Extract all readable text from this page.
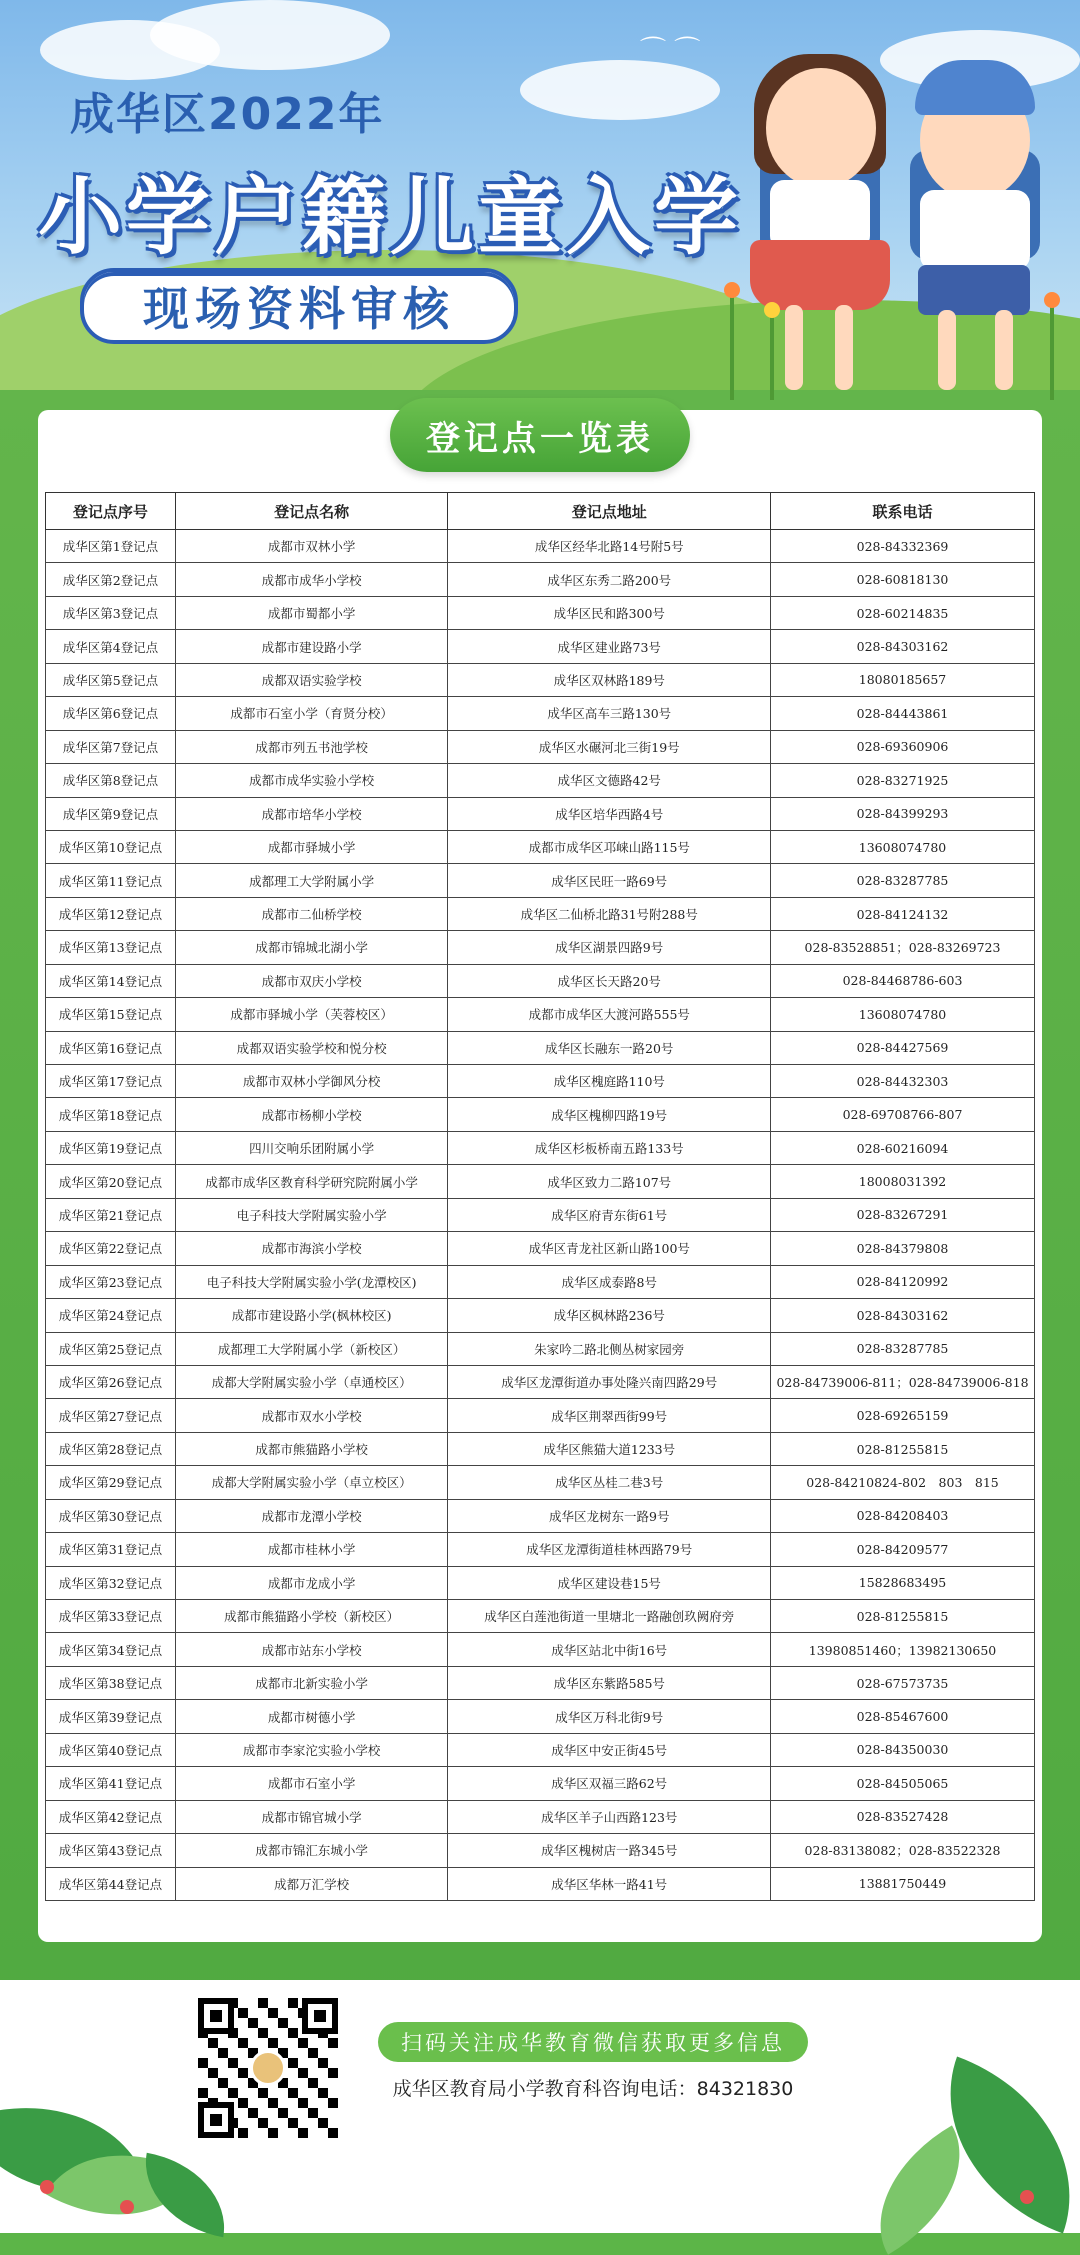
⌒ ⌒
成华区2022年
小学户籍儿童入学
现场资料审核
登记点一览表
登记点序号	登记点名称	登记点地址	联系电话
成华区第1登记点	成都市双林小学	成华区经华北路14号附5号	028-84332369
成华区第2登记点	成都市成华小学校	成华区东秀二路200号	028-60818130
成华区第3登记点	成都市蜀都小学	成华区民和路300号	028-60214835
成华区第4登记点	成都市建设路小学	成华区建业路73号	028-84303162
成华区第5登记点	成都双语实验学校	成华区双林路189号	18080185657
成华区第6登记点	成都市石室小学（育贤分校）	成华区高车三路130号	028-84443861
成华区第7登记点	成都市列五书池学校	成华区水碾河北三街19号	028-69360906
成华区第8登记点	成都市成华实验小学校	成华区文德路42号	028-83271925
成华区第9登记点	成都市培华小学校	成华区培华西路4号	028-84399293
成华区第10登记点	成都市驿城小学	成都市成华区邛崃山路115号	13608074780
成华区第11登记点	成都理工大学附属小学	成华区民旺一路69号	028-83287785
成华区第12登记点	成都市二仙桥学校	成华区二仙桥北路31号附288号	028-84124132
成华区第13登记点	成都市锦城北湖小学	成华区湖景四路9号	028-83528851；028-83269723
成华区第14登记点	成都市双庆小学校	成华区长天路20号	028-84468786-603
成华区第15登记点	成都市驿城小学（芙蓉校区）	成都市成华区大渡河路555号	13608074780
成华区第16登记点	成都双语实验学校和悦分校	成华区长融东一路20号	028-84427569
成华区第17登记点	成都市双林小学御风分校	成华区槐庭路110号	028-84432303
成华区第18登记点	成都市杨柳小学校	成华区槐柳四路19号	028-69708766-807
成华区第19登记点	四川交响乐团附属小学	成华区杉板桥南五路133号	028-60216094
成华区第20登记点	成都市成华区教育科学研究院附属小学	成华区致力二路107号	18008031392
成华区第21登记点	电子科技大学附属实验小学	成华区府青东街61号	028-83267291
成华区第22登记点	成都市海滨小学校	成华区青龙社区新山路100号	028-84379808
成华区第23登记点	电子科技大学附属实验小学(龙潭校区)	成华区成泰路8号	028-84120992
成华区第24登记点	成都市建设路小学(枫林校区)	成华区枫林路236号	028-84303162
成华区第25登记点	成都理工大学附属小学（新校区）	朱家吟二路北侧丛树家园旁	028-83287785
成华区第26登记点	成都大学附属实验小学（卓通校区）	成华区龙潭街道办事处隆兴南四路29号	028-84739006-811；028-84739006-818
成华区第27登记点	成都市双水小学校	成华区荆翠西街99号	028-69265159
成华区第28登记点	成都市熊猫路小学校	成华区熊猫大道1233号	028-81255815
成华区第29登记点	成都大学附属实验小学（卓立校区）	成华区丛桂二巷3号	028-84210824-802　803　815
成华区第30登记点	成都市龙潭小学校	成华区龙树东一路9号	028-84208403
成华区第31登记点	成都市桂林小学	成华区龙潭街道桂林西路79号	028-84209577
成华区第32登记点	成都市龙成小学	成华区建设巷15号	15828683495
成华区第33登记点	成都市熊猫路小学校（新校区）	成华区白莲池街道一里塘北一路融创玖阙府旁	028-81255815
成华区第34登记点	成都市站东小学校	成华区站北中街16号	13980851460；13982130650
成华区第38登记点	成都市北新实验小学	成华区东紫路585号	028-67573735
成华区第39登记点	成都市树德小学	成华区万科北街9号	028-85467600
成华区第40登记点	成都市李家沱实验小学校	成华区中安正街45号	028-84350030
成华区第41登记点	成都市石室小学	成华区双福三路62号	028-84505065
成华区第42登记点	成都市锦官城小学	成华区羊子山西路123号	028-83527428
成华区第43登记点	成都市锦汇东城小学	成华区槐树店一路345号	028-83138082；028-83522328
成华区第44登记点	成都万汇学校	成华区华林一路41号	13881750449
扫码关注成华教育微信获取更多信息
成华区教育局小学教育科咨询电话：84321830
